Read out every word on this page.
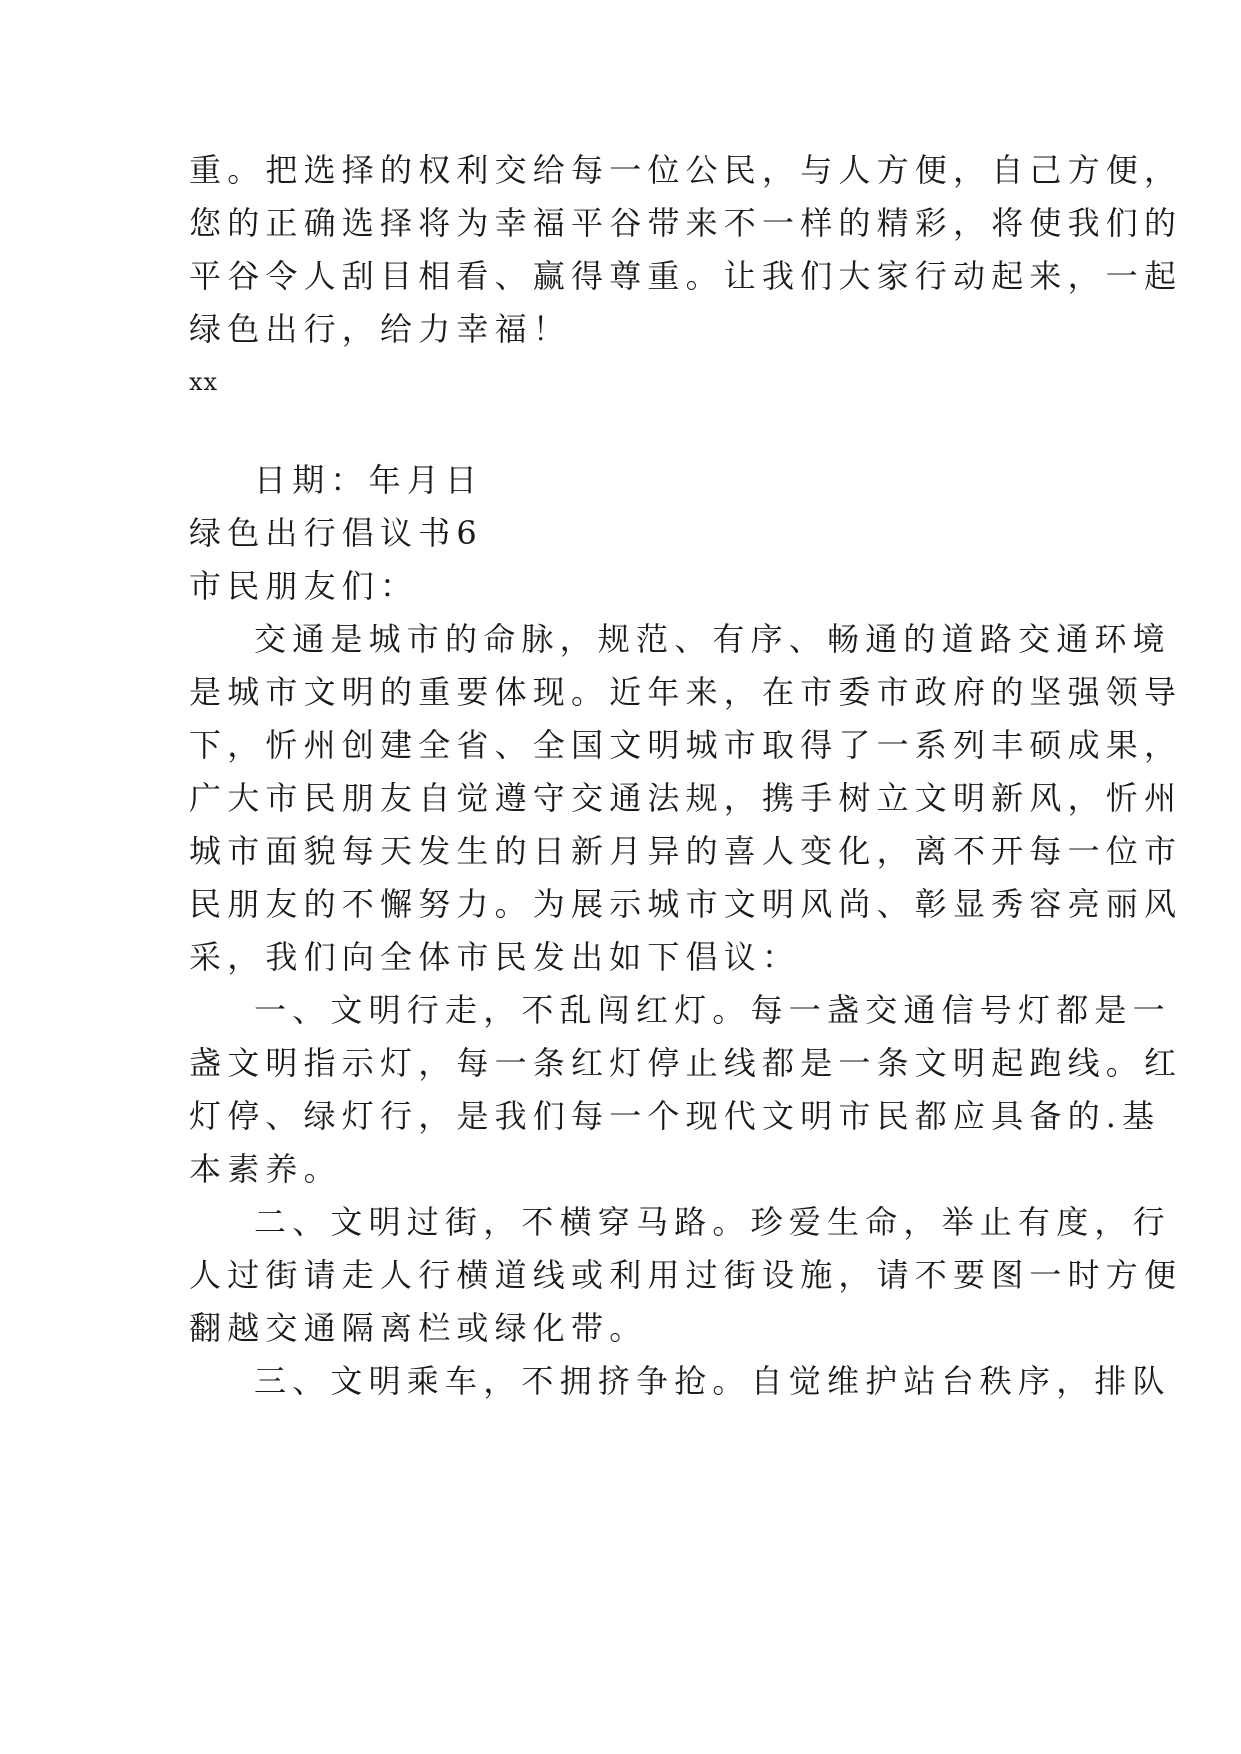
重。把选择的权利交给每一位公民，与人方便，自己方便，
您的正确选择将为幸福平谷带来不一样的精彩，将使我们的
平谷令人刮目相看、赢得尊重。让我们大家行动起来，一起
绿色出行，给力幸福！
xx
日期：年月日
绿色出行倡议书6
市民朋友们：
交通是城市的命脉，规范、有序、畅通的道路交通环境
是城市文明的重要体现。近年来，在市委市政府的坚强领导
下，忻州创建全省、全国文明城市取得了一系列丰硕成果，
广大市民朋友自觉遵守交通法规，携手树立文明新风，忻州
城市面貌每天发生的日新月异的喜人变化，离不开每一位市
民朋友的不懈努力。为展示城市文明风尚、彰显秀容亮丽风
采，我们向全体市民发出如下倡议：
一、文明行走，不乱闯红灯。每一盏交通信号灯都是一
盏文明指示灯，每一条红灯停止线都是一条文明起跑线。红
灯停、绿灯行，是我们每一个现代文明市民都应具备的.基
本素养。
二、文明过街，不横穿马路。珍爱生命，举止有度，行
人过街请走人行横道线或利用过街设施，请不要图一时方便
翻越交通隔离栏或绿化带。
三、文明乘车，不拥挤争抢。自觉维护站台秩序，排队
